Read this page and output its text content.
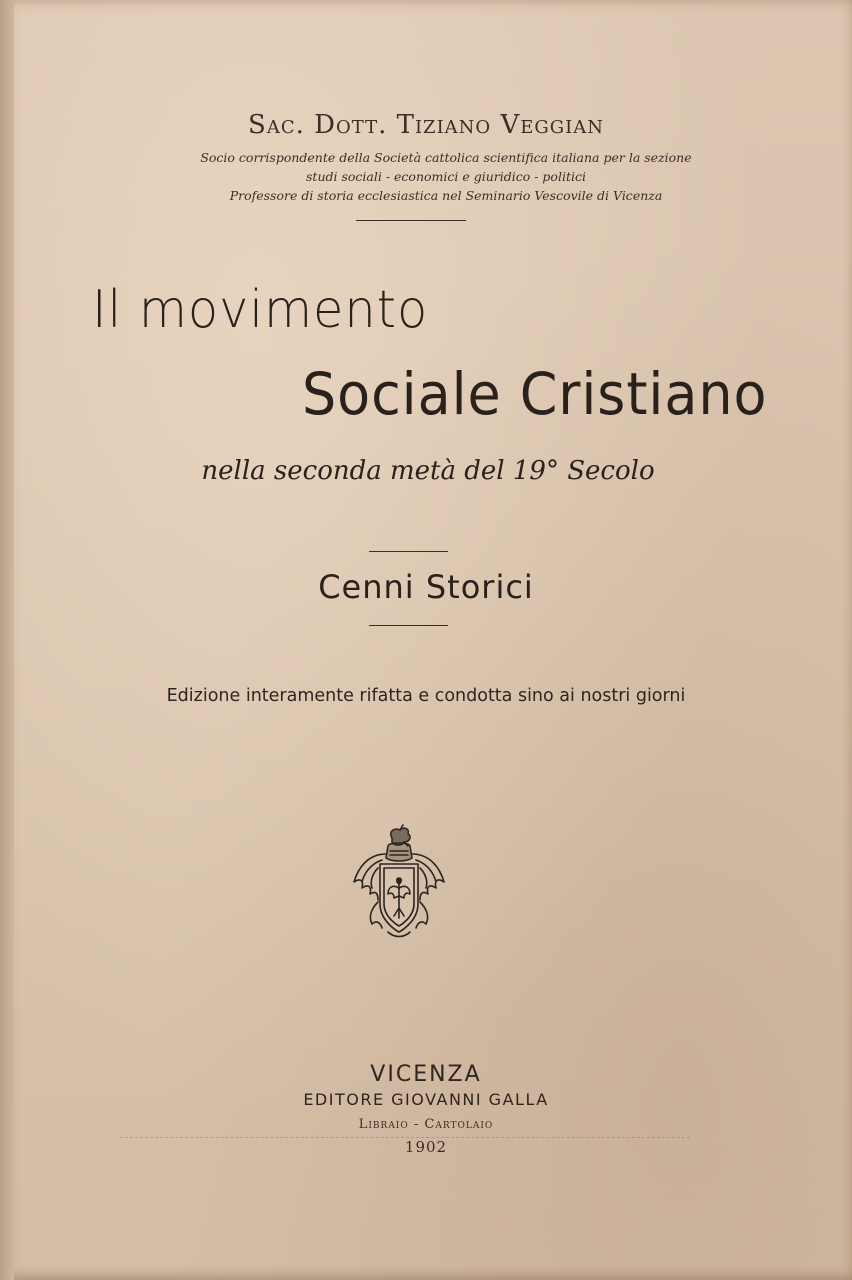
Sac. Dott. Tiziano Veggian
Socio corrispondente della Società cattolica scientifica italiana per la sezione
studi sociali - economici e giuridico - politici
Professore di storia ecclesiastica nel Seminario Vescovile di Vicenza
Il movimento
Sociale Cristiano
nella seconda metà del 19° Secolo
Cenni Storici
Edizione interamente rifatta e condotta sino ai nostri giorni
VICENZA
EDITORE GIOVANNI GALLA
Libraio - Cartolaio
1902
